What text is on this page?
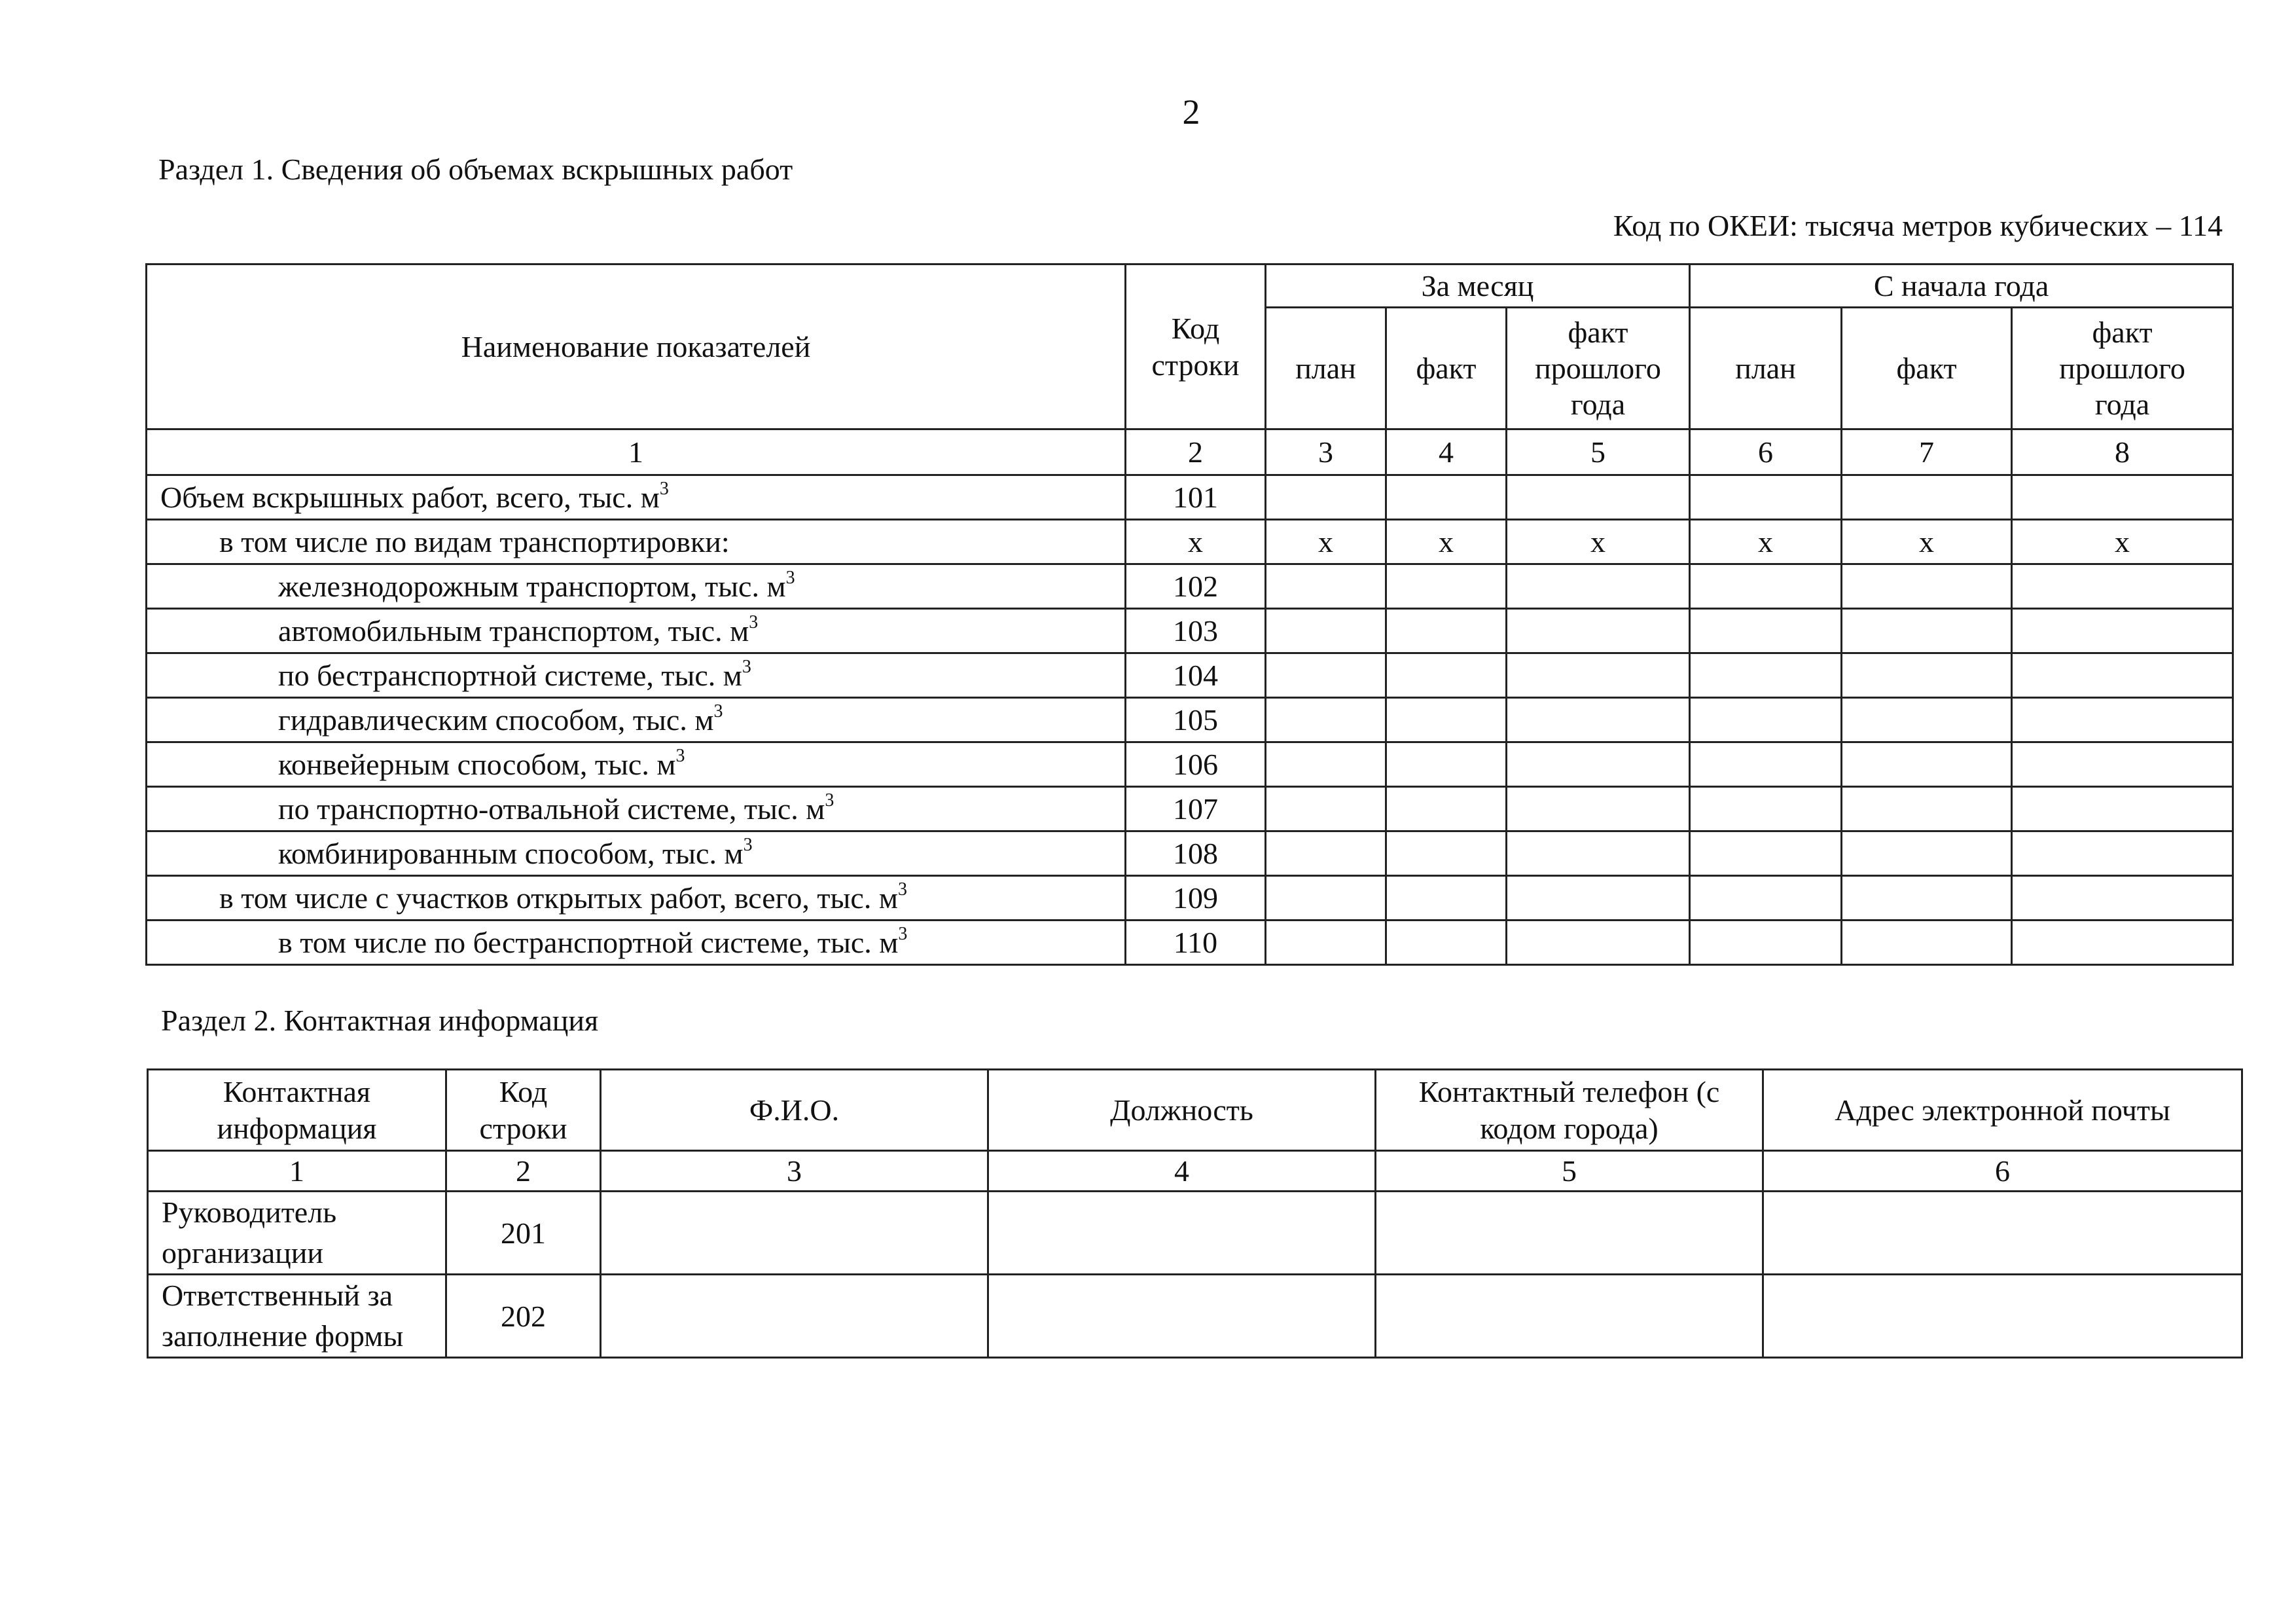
2
Раздел 1. Сведения об объемах вскрышных работ
Код по ОКЕИ: тысяча метров кубических – 114
Наименование показателей	Код строки	За месяц			С начала года		
		план	факт	факт прошлого года	план	факт	факт прошлого года

1	2	3	4	5	6	7	8
Объем вскрышных работ, всего, тыс. $м^3$	101						
в том числе по видам транспортировки:	x	x	x	x	x	x	x
железнодорожным транспортом, тыс. $м^3$	102						
автомобильным транспортом, тыс. $м^3$	103						
по бестранспортной системе, тыс. $м^3$	104						
гидравлическим способом, тыс. $м^3$	105						
конвейерным способом, тыс. $м^3$	106						
по транспортно-отвальной системе, тыс. $м^3$	107						
комбинированным способом, тыс. $м^3$	108						
в том числе с участков открытых работ, всего, тыс. $м^3$	109						
в том числе по бестранспортной системе, тыс. $м^3$	110						
Раздел 2. Контактная информация
Контактная информация	Код строки	Ф.И.О.	Должность	Контактный телефон (с кодом города)	Адрес электронной почты
1	2	3	4	5	6
Руководитель организации	201				
Ответственный за заполнение формы	202				
